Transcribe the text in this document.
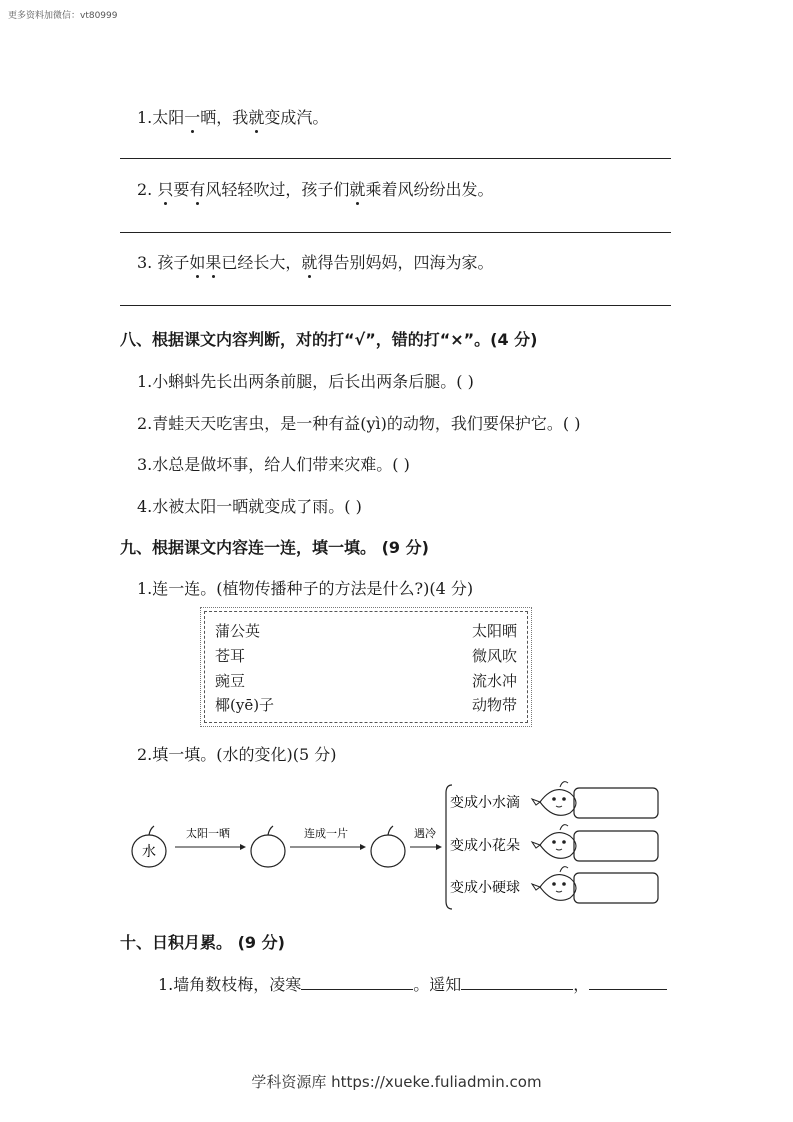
更多资料加微信：vt80999
1.太阳一晒，我就变成汽。
2. 只要有风轻轻吹过，孩子们就乘着风纷纷出发。
3. 孩子如果已经长大，就得告别妈妈，四海为家。
八、根据课文内容判断，对的打“√”，错的打“×”。(4 分)
1.小蝌蚪先长出两条前腿，后长出两条后腿。( )
2.青蛙天天吃害虫，是一种有益(yì)的动物，我们要保护它。( )
3.水总是做坏事，给人们带来灾难。( )
4.水被太阳一晒就变成了雨。( )
九、根据课文内容连一连，填一填。 (9 分)
1.连一连。(植物传播种子的方法是什么?)(4 分)
蒲公英	太阳晒
苍耳	微风吹
豌豆	流水冲
椰(yē)子	动物带
2.填一填。(水的变化)(5 分)
水
太阳一晒	连成一片	遇冷
变成小水滴
变成小花朵
变成小硬球
十、日积月累。 (9 分)
1.墙角数枝梅，凌寒	。遥知	，
学科资源库 https://xueke.fuliadmin.com
